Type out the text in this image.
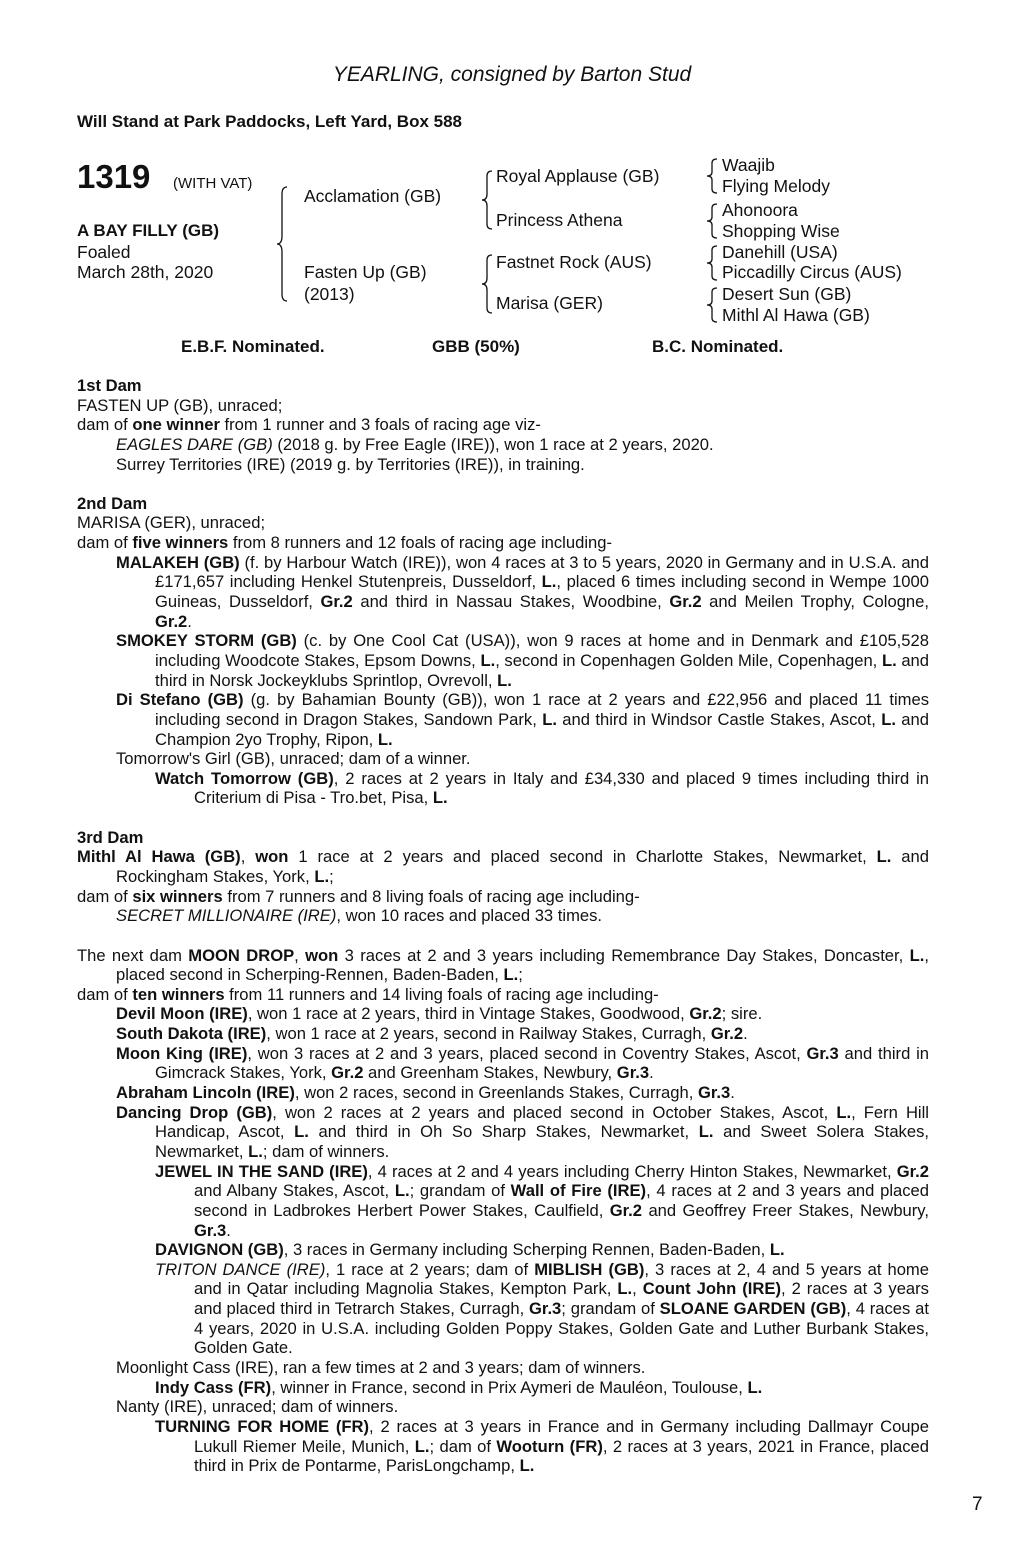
YEARLING, consigned by Barton Stud
Will Stand at Park Paddocks, Left Yard, Box 588
1319 (WITH VAT)
A BAY FILLY (GB)
Foaled
March 28th, 2020
Acclamation (GB)
Fasten Up (GB)
(2013)
Royal Applause (GB)
Princess Athena
Fastnet Rock (AUS)
Marisa (GER)
Waajib
Flying Melody
Ahonoora
Shopping Wise
Danehill (USA)
Piccadilly Circus (AUS)
Desert Sun (GB)
Mithl Al Hawa (GB)
E.B.F. Nominated.	GBB (50%)	B.C. Nominated.
1st Dam
FASTEN UP (GB), unraced;
dam of one winner from 1 runner and 3 foals of racing age viz-
EAGLES DARE (GB) (2018 g. by Free Eagle (IRE)), won 1 race at 2 years, 2020.
Surrey Territories (IRE) (2019 g. by Territories (IRE)), in training.
2nd Dam
MARISA (GER), unraced;
dam of five winners from 8 runners and 12 foals of racing age including-
MALAKEH (GB) (f. by Harbour Watch (IRE)), won 4 races at 3 to 5 years, 2020 in Germany and in U.S.A. and £171,657 including Henkel Stutenpreis, Dusseldorf, L., placed 6 times including second in Wempe 1000 Guineas, Dusseldorf, Gr.2 and third in Nassau Stakes, Woodbine, Gr.2 and Meilen Trophy, Cologne, Gr.2.
SMOKEY STORM (GB) (c. by One Cool Cat (USA)), won 9 races at home and in Denmark and £105,528 including Woodcote Stakes, Epsom Downs, L., second in Copenhagen Golden Mile, Copenhagen, L. and third in Norsk Jockeyklubs Sprintlop, Ovrevoll, L.
Di Stefano (GB) (g. by Bahamian Bounty (GB)), won 1 race at 2 years and £22,956 and placed 11 times including second in Dragon Stakes, Sandown Park, L. and third in Windsor Castle Stakes, Ascot, L. and Champion 2yo Trophy, Ripon, L.
Tomorrow's Girl (GB), unraced; dam of a winner.
Watch Tomorrow (GB), 2 races at 2 years in Italy and £34,330 and placed 9 times including third in Criterium di Pisa - Tro.bet, Pisa, L.
3rd Dam
Mithl Al Hawa (GB), won 1 race at 2 years and placed second in Charlotte Stakes, Newmarket, L. and Rockingham Stakes, York, L.;
dam of six winners from 7 runners and 8 living foals of racing age including-
SECRET MILLIONAIRE (IRE), won 10 races and placed 33 times.
The next dam MOON DROP, won 3 races at 2 and 3 years including Remembrance Day Stakes, Doncaster, L., placed second in Scherping-Rennen, Baden-Baden, L.;
dam of ten winners from 11 runners and 14 living foals of racing age including-
Devil Moon (IRE), won 1 race at 2 years, third in Vintage Stakes, Goodwood, Gr.2; sire.
South Dakota (IRE), won 1 race at 2 years, second in Railway Stakes, Curragh, Gr.2.
Moon King (IRE), won 3 races at 2 and 3 years, placed second in Coventry Stakes, Ascot, Gr.3 and third in Gimcrack Stakes, York, Gr.2 and Greenham Stakes, Newbury, Gr.3.
Abraham Lincoln (IRE), won 2 races, second in Greenlands Stakes, Curragh, Gr.3.
Dancing Drop (GB), won 2 races at 2 years and placed second in October Stakes, Ascot, L., Fern Hill Handicap, Ascot, L. and third in Oh So Sharp Stakes, Newmarket, L. and Sweet Solera Stakes, Newmarket, L.; dam of winners.
JEWEL IN THE SAND (IRE), 4 races at 2 and 4 years including Cherry Hinton Stakes, Newmarket, Gr.2 and Albany Stakes, Ascot, L.; grandam of Wall of Fire (IRE), 4 races at 2 and 3 years and placed second in Ladbrokes Herbert Power Stakes, Caulfield, Gr.2 and Geoffrey Freer Stakes, Newbury, Gr.3.
DAVIGNON (GB), 3 races in Germany including Scherping Rennen, Baden-Baden, L.
TRITON DANCE (IRE), 1 race at 2 years; dam of MIBLISH (GB), 3 races at 2, 4 and 5 years at home and in Qatar including Magnolia Stakes, Kempton Park, L., Count John (IRE), 2 races at 3 years and placed third in Tetrarch Stakes, Curragh, Gr.3; grandam of SLOANE GARDEN (GB), 4 races at 4 years, 2020 in U.S.A. including Golden Poppy Stakes, Golden Gate and Luther Burbank Stakes, Golden Gate.
Moonlight Cass (IRE), ran a few times at 2 and 3 years; dam of winners.
Indy Cass (FR), winner in France, second in Prix Aymeri de Mauléon, Toulouse, L.
Nanty (IRE), unraced; dam of winners.
TURNING FOR HOME (FR), 2 races at 3 years in France and in Germany including Dallmayr Coupe Lukull Riemer Meile, Munich, L.; dam of Wooturn (FR), 2 races at 3 years, 2021 in France, placed third in Prix de Pontarme, ParisLongchamp, L.
7
